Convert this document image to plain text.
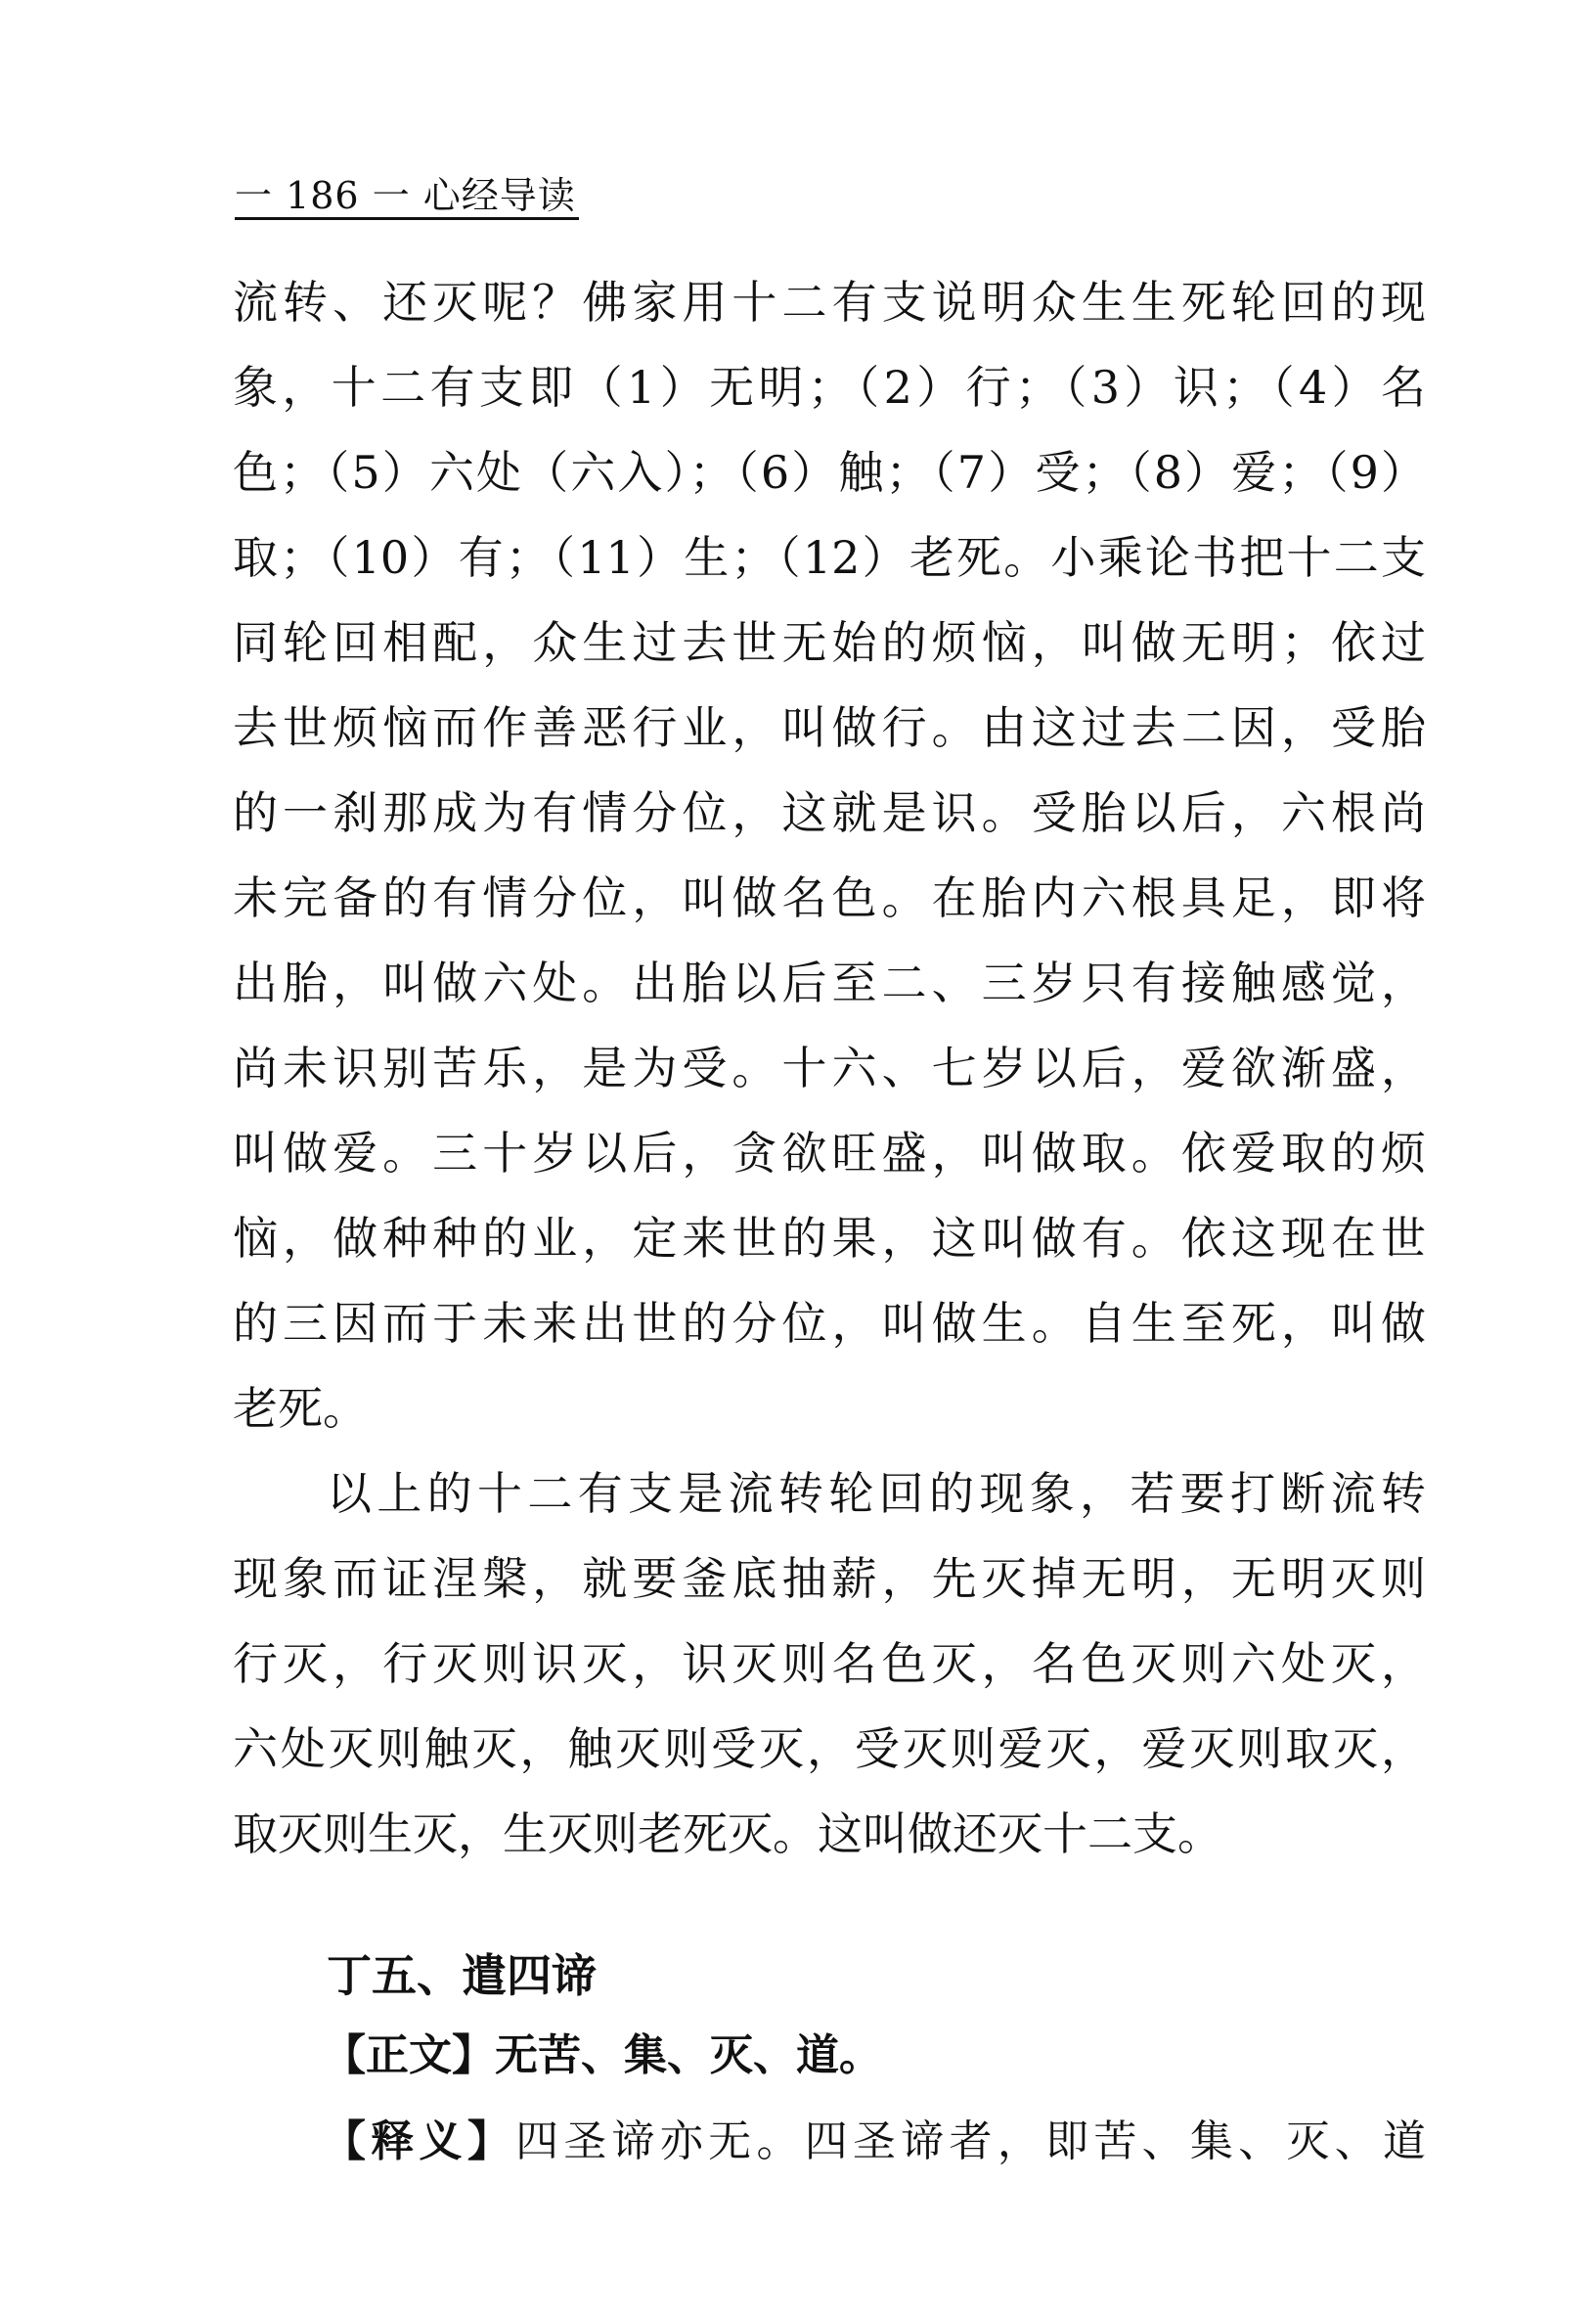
一 186 一 心经导读
流转、还灭呢？佛家用十二有支说明众生生死轮回的现
象，十二有支即（1）无明；（2）行；（3）识；（4）名
色；（5）六处（六入）；（6）触；（7）受；（8）爱；（9）
取；（10）有；（11）生；（12）老死。小乘论书把十二支
同轮回相配，众生过去世无始的烦恼，叫做无明；依过
去世烦恼而作善恶行业，叫做行。由这过去二因，受胎
的一刹那成为有情分位，这就是识。受胎以后，六根尚
未完备的有情分位，叫做名色。在胎内六根具足，即将
出胎，叫做六处。出胎以后至二、三岁只有接触感觉，
尚未识别苦乐，是为受。十六、七岁以后，爱欲渐盛，
叫做爱。三十岁以后，贪欲旺盛，叫做取。依爱取的烦
恼，做种种的业，定来世的果，这叫做有。依这现在世
的三因而于未来出世的分位，叫做生。自生至死，叫做
老死。
以上的十二有支是流转轮回的现象，若要打断流转
现象而证涅槃，就要釜底抽薪，先灭掉无明，无明灭则
行灭，行灭则识灭，识灭则名色灭，名色灭则六处灭，
六处灭则触灭，触灭则受灭，受灭则爱灭，爱灭则取灭，
取灭则生灭，生灭则老死灭。这叫做还灭十二支。
丁五、遣四谛
【正文】无苦、集、灭、道。
【释义】四圣谛亦无。四圣谛者，即苦、集、灭、道
